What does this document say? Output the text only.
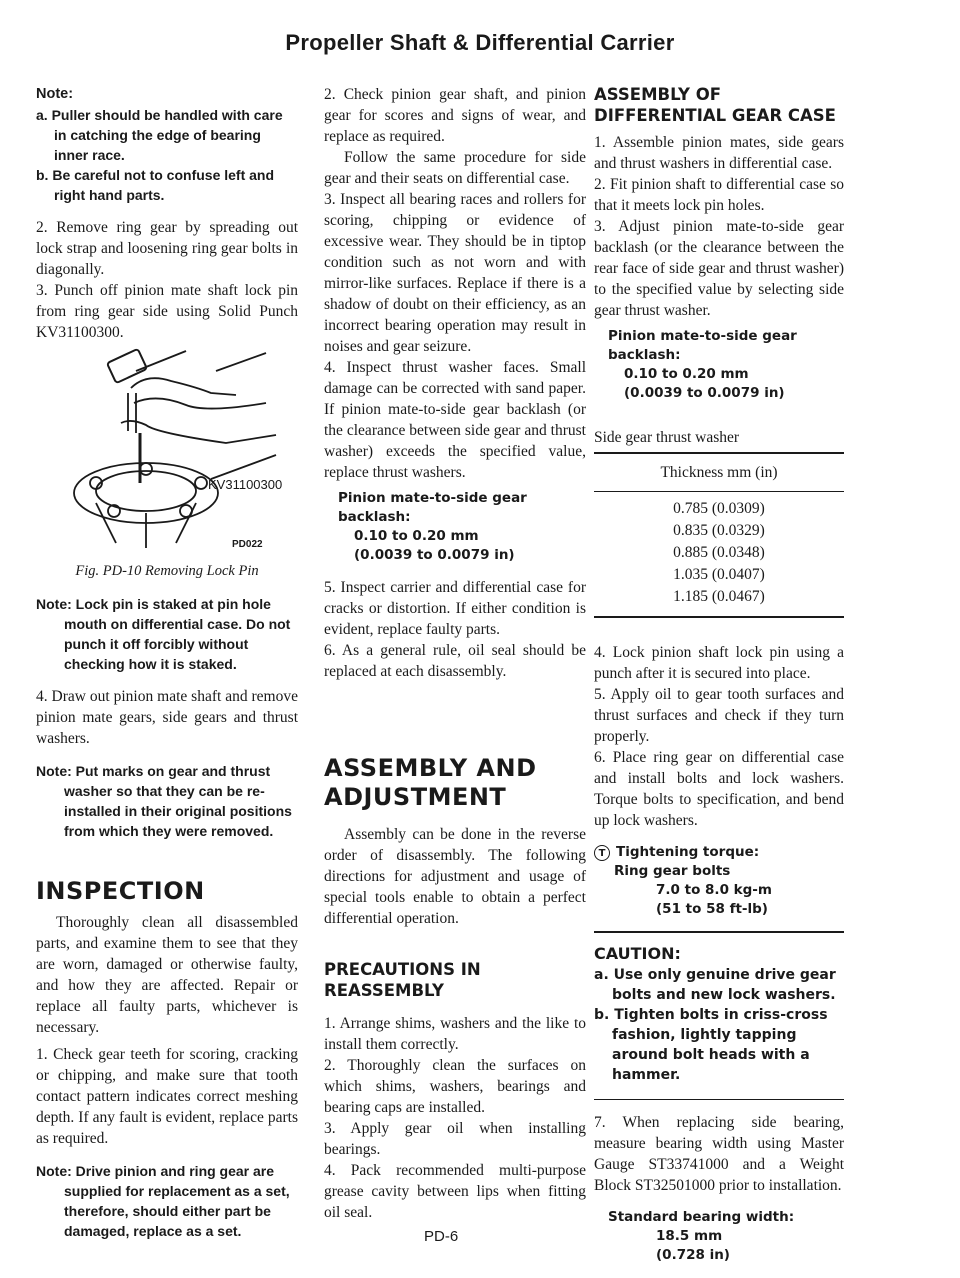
Propeller Shaft & Differential Carrier

Note:

a. Puller should be handled with care in catching the edge of bearing inner race.

b. Be careful not to confuse left and right hand parts.

2. Remove ring gear by spreading out lock strap and loosening ring gear bolts in diagonally.

3. Punch off pinion mate shaft lock pin from ring gear side using Solid Punch KV31100300.

KV31100300
PD022

Fig. PD-10 Removing Lock Pin

Note: Lock pin is staked at pin hole mouth on differential case. Do not punch it off forcibly without checking how it is staked.

4. Draw out pinion mate shaft and remove pinion mate gears, side gears and thrust washers.

Note: Put marks on gear and thrust washer so that they can be re-installed in their original positions from which they were removed.

INSPECTION

Thoroughly clean all disassembled parts, and examine them to see that they are worn, damaged or otherwise faulty, and how they are affected. Repair or replace all faulty parts, whichever is necessary.

1. Check gear teeth for scoring, cracking or chipping, and make sure that tooth contact pattern indicates correct meshing depth. If any fault is evident, replace parts as required.

Note: Drive pinion and ring gear are supplied for replacement as a set, therefore, should either part be damaged, replace as a set.

2. Check pinion gear shaft, and pinion gear for scores and signs of wear, and replace as required.

Follow the same procedure for side gear and their seats on differential case.

3. Inspect all bearing races and rollers for scoring, chipping or evidence of excessive wear. They should be in tiptop condition such as not worn and with mirror-like surfaces. Replace if there is a shadow of doubt on their efficiency, as an incorrect bearing operation may result in noises and gear seizure.

4. Inspect thrust washer faces. Small damage can be corrected with sand paper. If pinion mate-to-side gear backlash (or the clearance between side gear and thrust washer) exceeds the specified value, replace thrust washers.

Pinion mate-to-side gear backlash:

0.10 to 0.20 mm

(0.0039 to 0.0079 in)

5. Inspect carrier and differential case for cracks or distortion. If either condition is evident, replace faulty parts.

6. As a general rule, oil seal should be replaced at each disassembly.

ASSEMBLY AND ADJUSTMENT

Assembly can be done in the reverse order of disassembly. The following directions for adjustment and usage of special tools enable to obtain a perfect differential operation.

PRECAUTIONS IN REASSEMBLY

1. Arrange shims, washers and the like to install them correctly.

2. Thoroughly clean the surfaces on which shims, washers, bearings and bearing caps are installed.

3. Apply gear oil when installing bearings.

4. Pack recommended multi-purpose grease cavity between lips when fitting oil seal.

ASSEMBLY OF DIFFERENTIAL GEAR CASE

1. Assemble pinion mates, side gears and thrust washers in differential case.

2. Fit pinion shaft to differential case so that it meets lock pin holes.

3. Adjust pinion mate-to-side gear backlash (or the clearance between the rear face of side gear and thrust washer) to the specified value by selecting side gear thrust washer.

Pinion mate-to-side gear backlash:

0.10 to 0.20 mm

(0.0039 to 0.0079 in)

Side gear thrust washer

Thickness mm (in)

0.785 (0.0309)

0.835 (0.0329)

0.885 (0.0348)

1.035 (0.0407)

1.185 (0.0467)

4. Lock pinion shaft lock pin using a punch after it is secured into place.

5. Apply oil to gear tooth surfaces and thrust surfaces and check if they turn properly.

6. Place ring gear on differential case and install bolts and lock washers. Torque bolts to specification, and bend up lock washers.

T Tightening torque:

Ring gear bolts

7.0 to 8.0 kg-m

(51 to 58 ft-lb)

CAUTION:

a. Use only genuine drive gear bolts and new lock washers.

b. Tighten bolts in criss-cross fashion, lightly tapping around bolt heads with a hammer.

7. When replacing side bearing, measure bearing width using Master Gauge ST33741000 and a Weight Block ST32501000 prior to installation.

Standard bearing width:

18.5 mm

(0.728 in)

PD-6
